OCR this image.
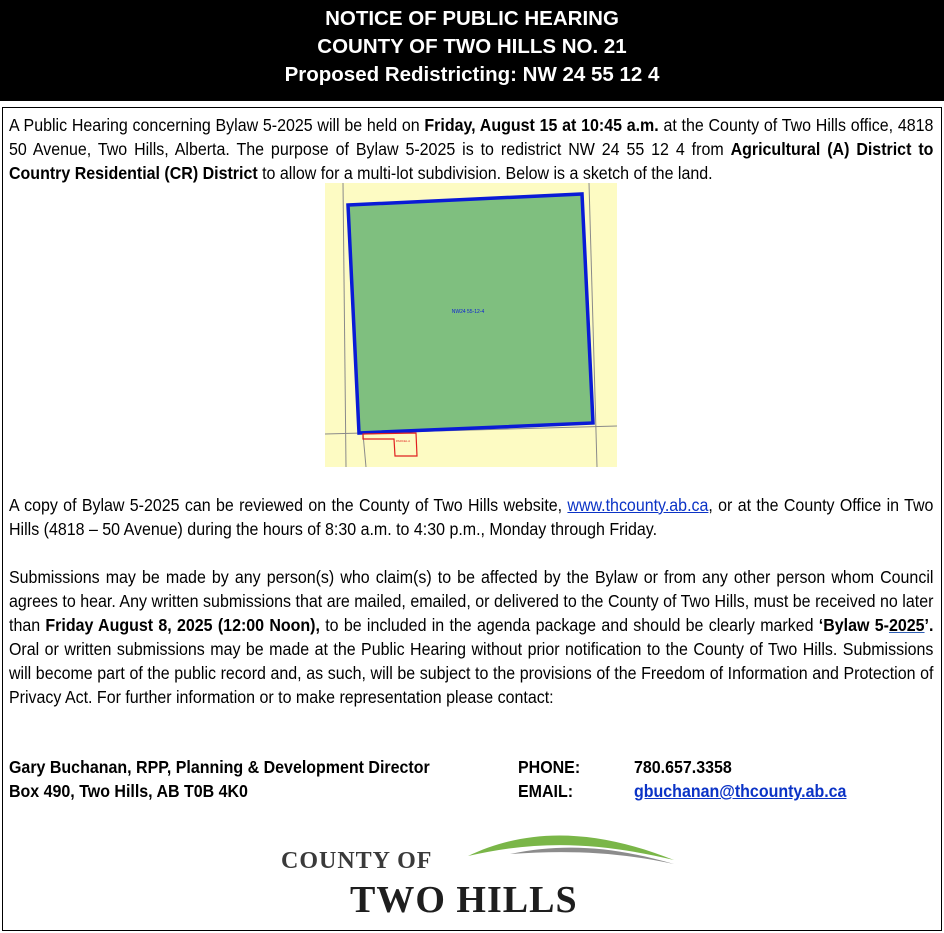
NOTICE OF PUBLIC HEARING
COUNTY OF TWO HILLS NO. 21
Proposed Redistricting: NW 24 55 12 4
A Public Hearing concerning Bylaw 5-2025 will be held on Friday, August 15 at 10:45 a.m. at the County of Two Hills office, 4818 50 Avenue, Two Hills, Alberta. The purpose of Bylaw 5-2025 is to redistrict NW 24 55 12 4 from Agricultural (A) District to Country Residential (CR) District to allow for a multi-lot subdivision. Below is a sketch of the land.
NW24 55-12-4
PARCEL A
A copy of Bylaw 5-2025 can be reviewed on the County of Two Hills website, www.thcounty.ab.ca, or at the County Office in Two Hills (4818 – 50 Avenue) during the hours of 8:30 a.m. to 4:30 p.m., Monday through Friday.
Submissions may be made by any person(s) who claim(s) to be affected by the Bylaw or from any other person whom Council agrees to hear. Any written submissions that are mailed, emailed, or delivered to the County of Two Hills, must be received no later than Friday August 8, 2025 (12:00 Noon), to be included in the agenda package and should be clearly marked ‘Bylaw 5-2025’. Oral or written submissions may be made at the Public Hearing without prior notification to the County of Two Hills. Submissions will become part of the public record and, as such, will be subject to the provisions of the Freedom of Information and Protection of Privacy Act. For further information or to make representation please contact:
Gary Buchanan, RPP, Planning & Development Director
Box 490, Two Hills, AB T0B 4K0
PHONE:
EMAIL:
780.657.3358
gbuchanan@thcounty.ab.ca
COUNTY OF
TWO HILLS
